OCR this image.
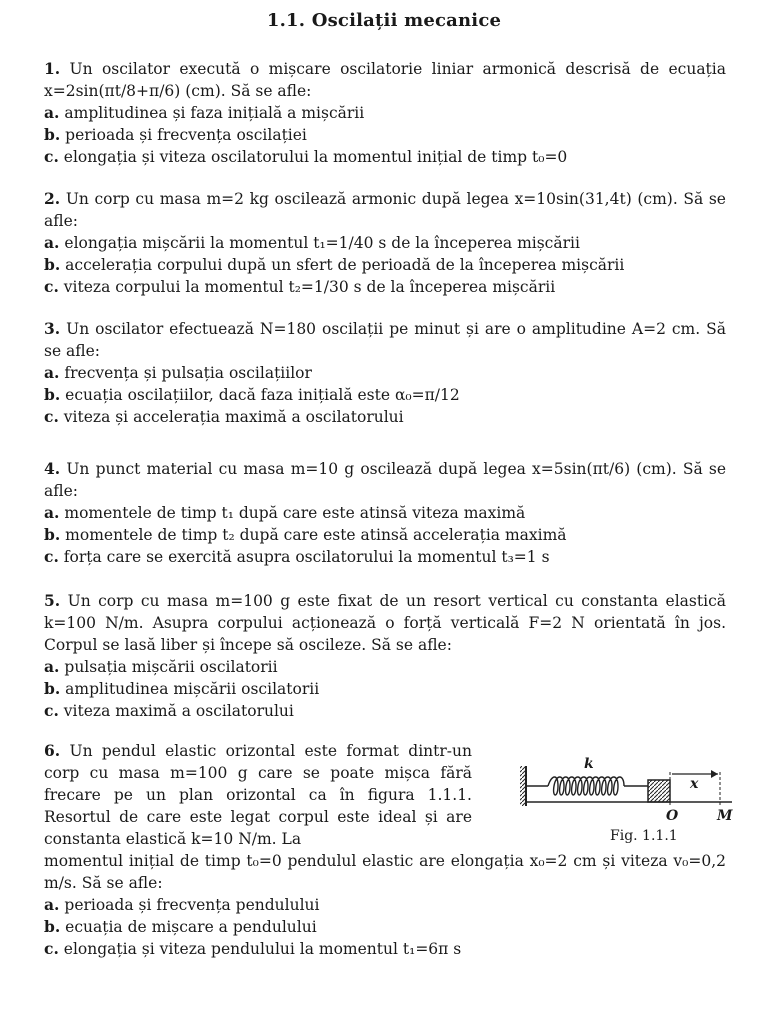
1.1. Oscilații mecanice
1. Un oscilator execută o mișcare oscilatorie liniar armonică descrisă de ecuația x=2sin(πt/8+π/6) (cm). Să se afle:
a. amplitudinea și faza inițială a mișcării
b. perioada și frecvența oscilației
c. elongația și viteza oscilatorului la momentul inițial de timp t₀=0
2. Un corp cu masa m=2 kg oscilează armonic după legea x=10sin(31,4t) (cm). Să se afle:
a. elongația mișcării la momentul t₁=1/40 s de la începerea mișcării
b. accelerația corpului după un sfert de perioadă de la începerea mișcării
c. viteza corpului la momentul t₂=1/30 s de la începerea mișcării
3. Un oscilator efectuează N=180 oscilații pe minut și are o amplitudine A=2 cm. Să se afle:
a. frecvența și pulsația oscilațiilor
b. ecuația oscilațiilor, dacă faza inițială este α₀=π/12
c. viteza și accelerația maximă a oscilatorului
4. Un punct material cu masa m=10 g oscilează după legea x=5sin(πt/6) (cm). Să se afle:
a. momentele de timp t₁ după care este atinsă viteza maximă
b. momentele de timp t₂ după care este atinsă accelerația maximă
c. forța care se exercită asupra oscilatorului la momentul t₃=1 s
5. Un corp cu masa m=100 g este fixat de un resort vertical cu constanta elastică k=100 N/m. Asupra corpului acționează o forță verticală F=2 N orientată în jos. Corpul se lasă liber și începe să oscileze. Să se afle:
a. pulsația mișcării oscilatorii
b. amplitudinea mișcării oscilatorii
c. viteza maximă a oscilatorului
6. Un pendul elastic orizontal este format dintr-un corp cu masa m=100 g care se poate mișca fără frecare pe un plan orizontal ca în figura 1.1.1. Resortul de care este legat corpul este ideal și are constanta elastică k=10 N/m. La
momentul inițial de timp t₀=0 pendulul elastic are elongația x₀=2 cm și viteza v₀=0,2 m/s. Să se afle:
a. perioada și frecvența pendulului
b. ecuația de mișcare a pendulului
c. elongația și viteza pendulului la momentul t₁=6π s
k
x
O	M
Fig. 1.1.1
